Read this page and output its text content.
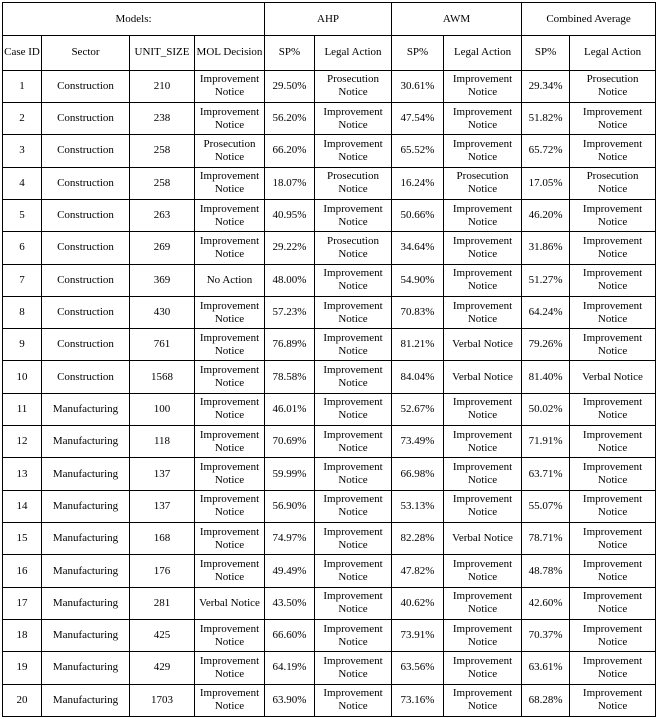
Models:				AHP		AWM		Combined Average	
Case ID	Sector	UNIT_SIZE	MOL Decision	SP%	Legal Action	SP%	Legal Action	SP%	Legal Action
1	Construction	210	Improvement Notice	29.50%	Prosecution Notice	30.61%	Improvement Notice	29.34%	Prosecution Notice
2	Construction	238	Improvement Notice	56.20%	Improvement Notice	47.54%	Improvement Notice	51.82%	Improvement Notice
3	Construction	258	Prosecution Notice	66.20%	Improvement Notice	65.52%	Improvement Notice	65.72%	Improvement Notice
4	Construction	258	Improvement Notice	18.07%	Prosecution Notice	16.24%	Prosecution Notice	17.05%	Prosecution Notice
5	Construction	263	Improvement Notice	40.95%	Improvement Notice	50.66%	Improvement Notice	46.20%	Improvement Notice
6	Construction	269	Improvement Notice	29.22%	Prosecution Notice	34.64%	Improvement Notice	31.86%	Improvement Notice
7	Construction	369	No Action	48.00%	Improvement Notice	54.90%	Improvement Notice	51.27%	Improvement Notice
8	Construction	430	Improvement Notice	57.23%	Improvement Notice	70.83%	Improvement Notice	64.24%	Improvement Notice
9	Construction	761	Improvement Notice	76.89%	Improvement Notice	81.21%	Verbal Notice	79.26%	Improvement Notice
10	Construction	1568	Improvement Notice	78.58%	Improvement Notice	84.04%	Verbal Notice	81.40%	Verbal Notice
11	Manufacturing	100	Improvement Notice	46.01%	Improvement Notice	52.67%	Improvement Notice	50.02%	Improvement Notice
12	Manufacturing	118	Improvement Notice	70.69%	Improvement Notice	73.49%	Improvement Notice	71.91%	Improvement Notice
13	Manufacturing	137	Improvement Notice	59.99%	Improvement Notice	66.98%	Improvement Notice	63.71%	Improvement Notice
14	Manufacturing	137	Improvement Notice	56.90%	Improvement Notice	53.13%	Improvement Notice	55.07%	Improvement Notice
15	Manufacturing	168	Improvement Notice	74.97%	Improvement Notice	82.28%	Verbal Notice	78.71%	Improvement Notice
16	Manufacturing	176	Improvement Notice	49.49%	Improvement Notice	47.82%	Improvement Notice	48.78%	Improvement Notice
17	Manufacturing	281	Verbal Notice	43.50%	Improvement Notice	40.62%	Improvement Notice	42.60%	Improvement Notice
18	Manufacturing	425	Improvement Notice	66.60%	Improvement Notice	73.91%	Improvement Notice	70.37%	Improvement Notice
19	Manufacturing	429	Improvement Notice	64.19%	Improvement Notice	63.56%	Improvement Notice	63.61%	Improvement Notice
20	Manufacturing	1703	Improvement Notice	63.90%	Improvement Notice	73.16%	Improvement Notice	68.28%	Improvement Notice
